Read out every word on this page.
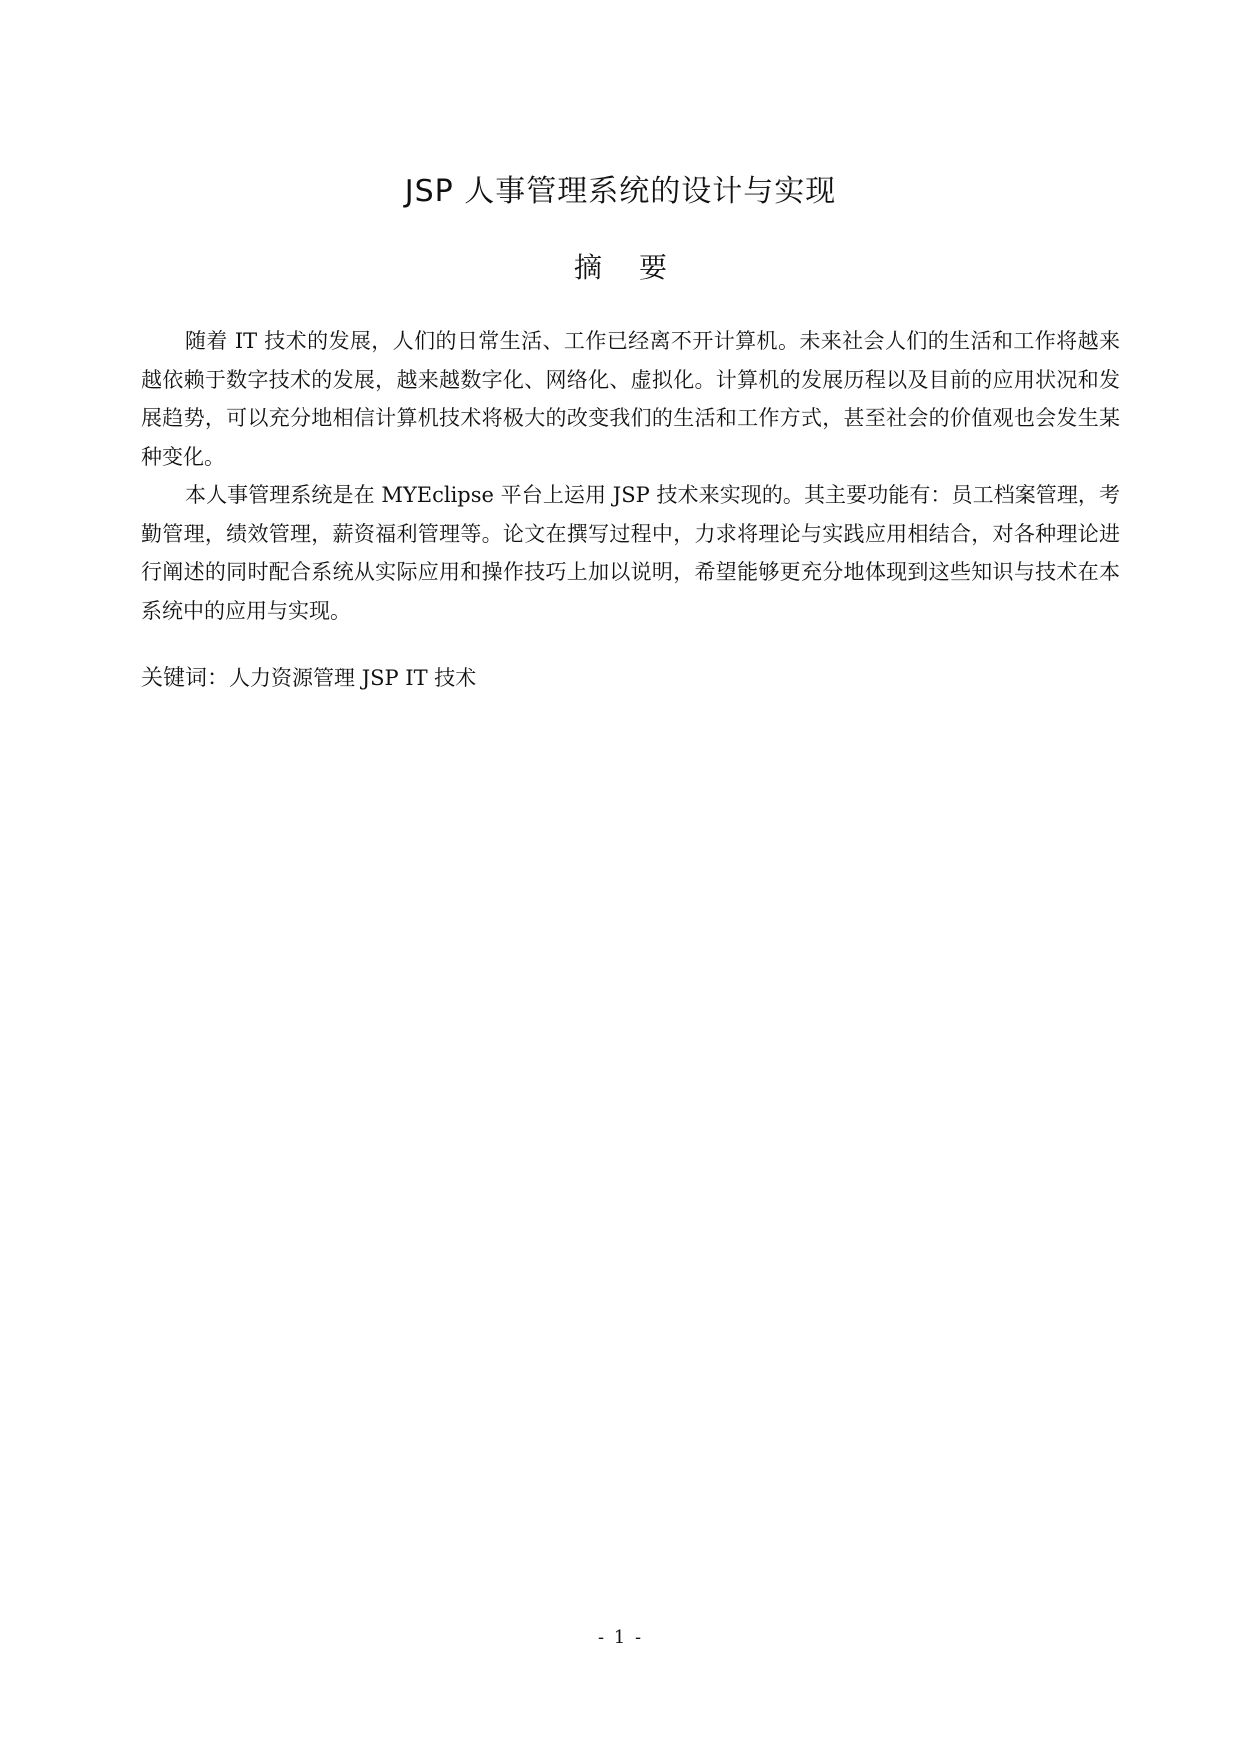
JSP 人事管理系统的设计与实现
摘 要

随着 IT 技术的发展，人们的日常生活、工作已经离不开计算机。未来社会人们的生活和工作将越来越依赖于数字技术的发展，越来越数字化、网络化、虚拟化。计算机的发展历程以及目前的应用状况和发展趋势，可以充分地相信计算机技术将极大的改变我们的生活和工作方式，甚至社会的价值观也会发生某种变化。

本人事管理系统是在 MYEclipse 平台上运用 JSP 技术来实现的。其主要功能有：员工档案管理，考勤管理，绩效管理，薪资福利管理等。论文在撰写过程中，力求将理论与实践应用相结合，对各种理论进行阐述的同时配合系统从实际应用和操作技巧上加以说明，希望能够更充分地体现到这些知识与技术在本系统中的应用与实现。

关键词：人力资源管理 JSP IT 技术
- 1 -
